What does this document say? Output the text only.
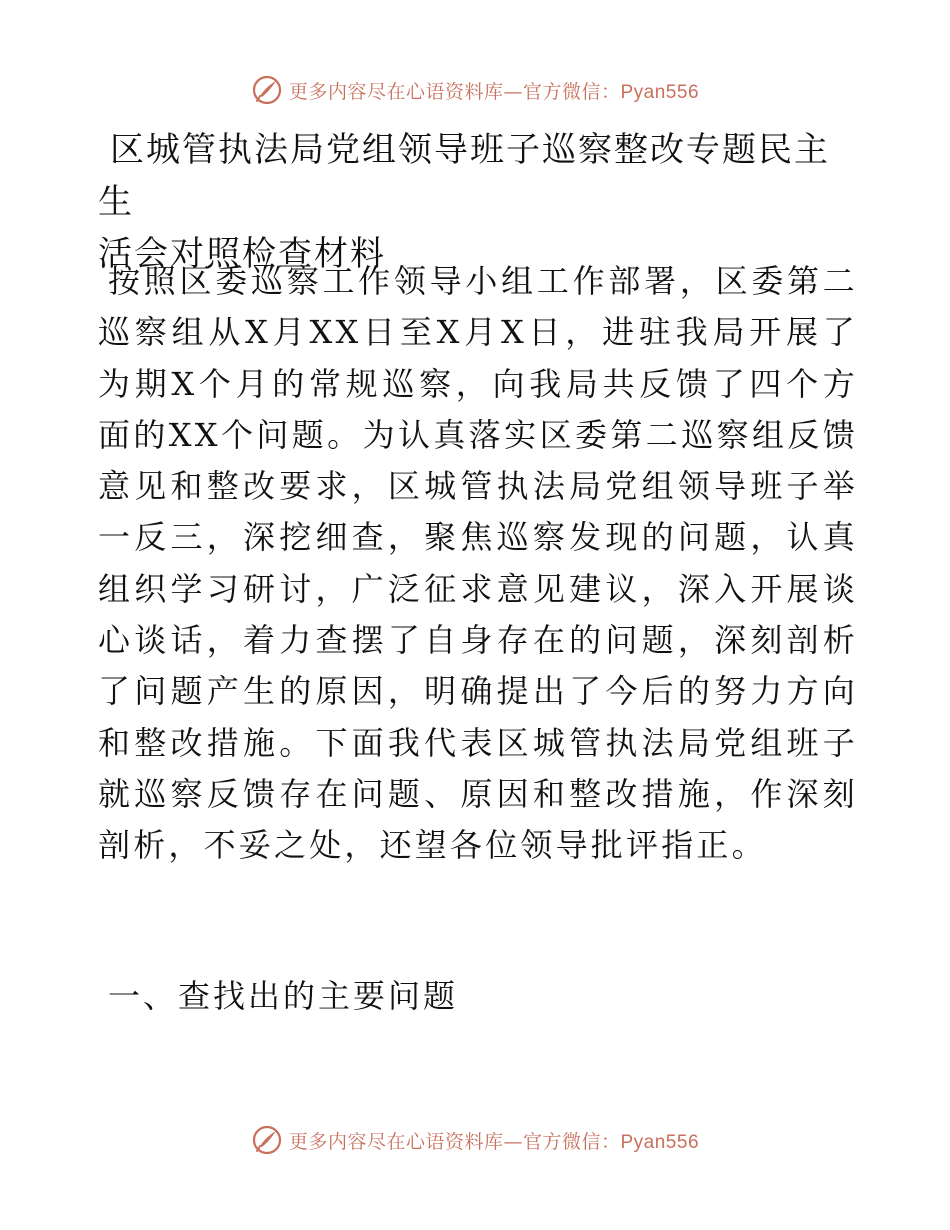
更多内容尽在心语资料库—官方微信：Pyan556
区城管执法局党组领导班子巡察整改专题民主生
活会对照检查材料

按照区委巡察工作领导小组工作部署，区委第二巡察组从X月XX日至X月X日，进驻我局开展了为期X个月的常规巡察，向我局共反馈了四个方面的XX个问题。为认真落实区委第二巡察组反馈意见和整改要求，区城管执法局党组领导班子举一反三，深挖细查，聚焦巡察发现的问题，认真组织学习研讨，广泛征求意见建议，深入开展谈心谈话，着力查摆了自身存在的问题，深刻剖析了问题产生的原因，明确提出了今后的努力方向和整改措施。下面我代表区城管执法局党组班子就巡察反馈存在问题、原因和整改措施，作深刻剖析，不妥之处，还望各位领导批评指正。

一、查找出的主要问题
更多内容尽在心语资料库—官方微信：Pyan556
